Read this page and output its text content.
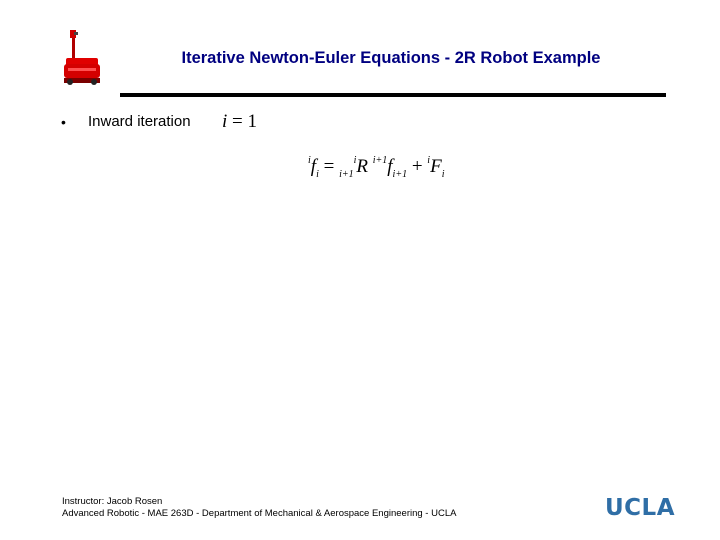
Iterative Newton-Euler Equations - 2R Robot Example
• Inward iteration i = 1
$^if_i = _{i+1}^iR$ $^{i+1}f_{i+1} + ^iF_i$
Instructor: Jacob Rosen
Advanced Robotic - MAE 263D - Department of Mechanical & Aerospace Engineering - UCLA	UCLA
